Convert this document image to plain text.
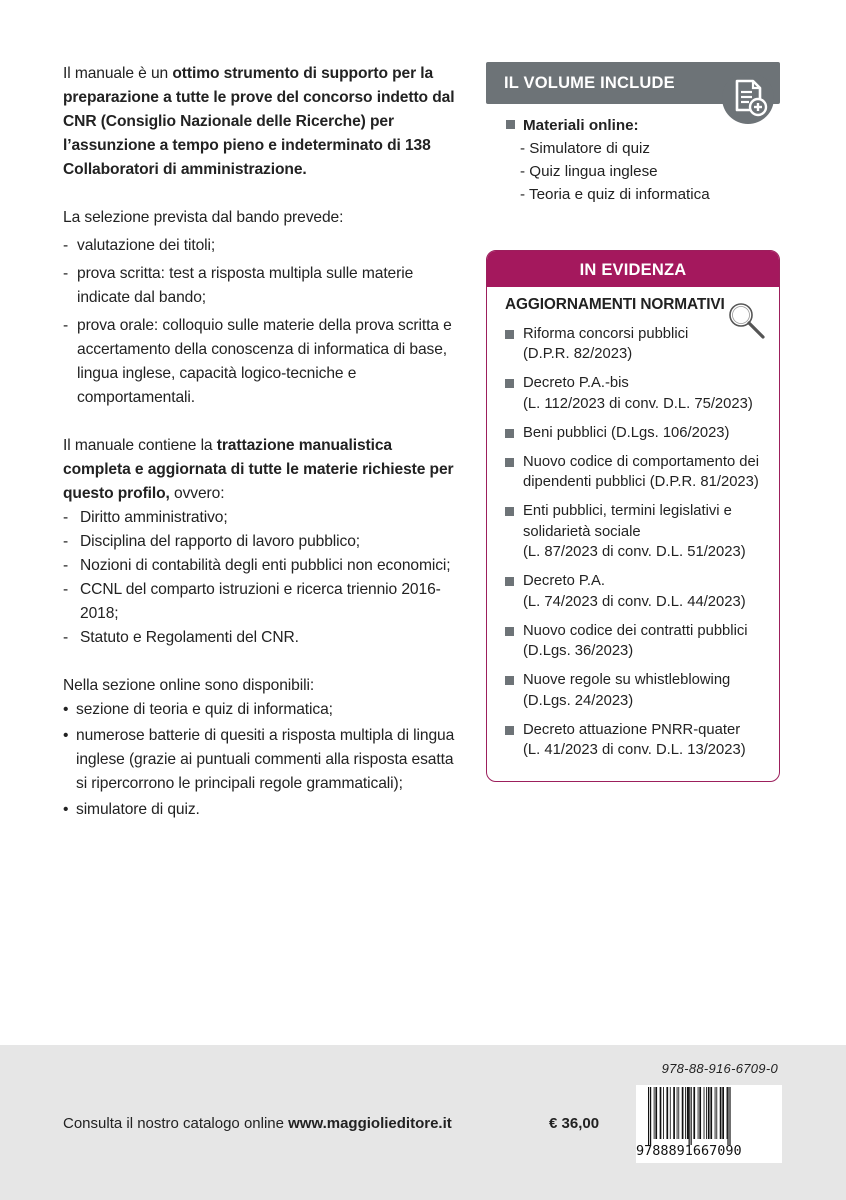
Il manuale è un ottimo strumento di supporto per la preparazione a tutte le prove del concorso indetto dal CNR (Consiglio Nazionale delle Ricerche) per l’assunzione a tempo pieno e indeterminato di 138 Collaboratori di amministrazione.

La selezione prevista dal bando prevede:

- valutazione dei titoli;
- prova scritta: test a risposta multipla sulle materie indicate dal bando;
- prova orale: colloquio sulle materie della prova scritta e accertamento della conoscenza di informatica di base, lingua inglese, capacità logico-tecniche e comportamentali.

Il manuale contiene la trattazione manualistica completa e aggiornata di tutte le materie richieste per questo profilo, ovvero:

- Diritto amministrativo;
- Disciplina del rapporto di lavoro pubblico;
- Nozioni di contabilità degli enti pubblici non economici;
- CCNL del comparto istruzioni e ricerca triennio 2016-2018;
- Statuto e Regolamenti del CNR.

Nella sezione online sono disponibili:

• sezione di teoria e quiz di informatica;
• numerose batterie di quesiti a risposta multipla di lingua inglese (grazie ai puntuali commenti alla risposta esatta si ripercorrono le principali regole grammaticali);
• simulatore di quiz.
IL VOLUME INCLUDE
Materiali online:
- Simulatore di quiz
- Quiz lingua inglese
- Teoria e quiz di informatica
IN EVIDENZA
AGGIORNAMENTI NORMATIVI
Riforma concorsi pubblici
(D.P.R. 82/2023)
Decreto P.A.-bis
(L. 112/2023 di conv. D.L. 75/2023)
Beni pubblici (D.Lgs. 106/2023)
Nuovo codice di comportamento dei
dipendenti pubblici (D.P.R. 81/2023)
Enti pubblici, termini legislativi e
solidarietà sociale
(L. 87/2023 di conv. D.L. 51/2023)
Decreto P.A.
(L. 74/2023 di conv. D.L. 44/2023)
Nuovo codice dei contratti pubblici
(D.Lgs. 36/2023)
Nuove regole su whistleblowing
(D.Lgs. 24/2023)
Decreto attuazione PNRR-quater
(L. 41/2023 di conv. D.L. 13/2023)
Consulta il nostro catalogo online www.maggiolieditore.it	€ 36,00
978-88-916-6709-0
9788891667090
